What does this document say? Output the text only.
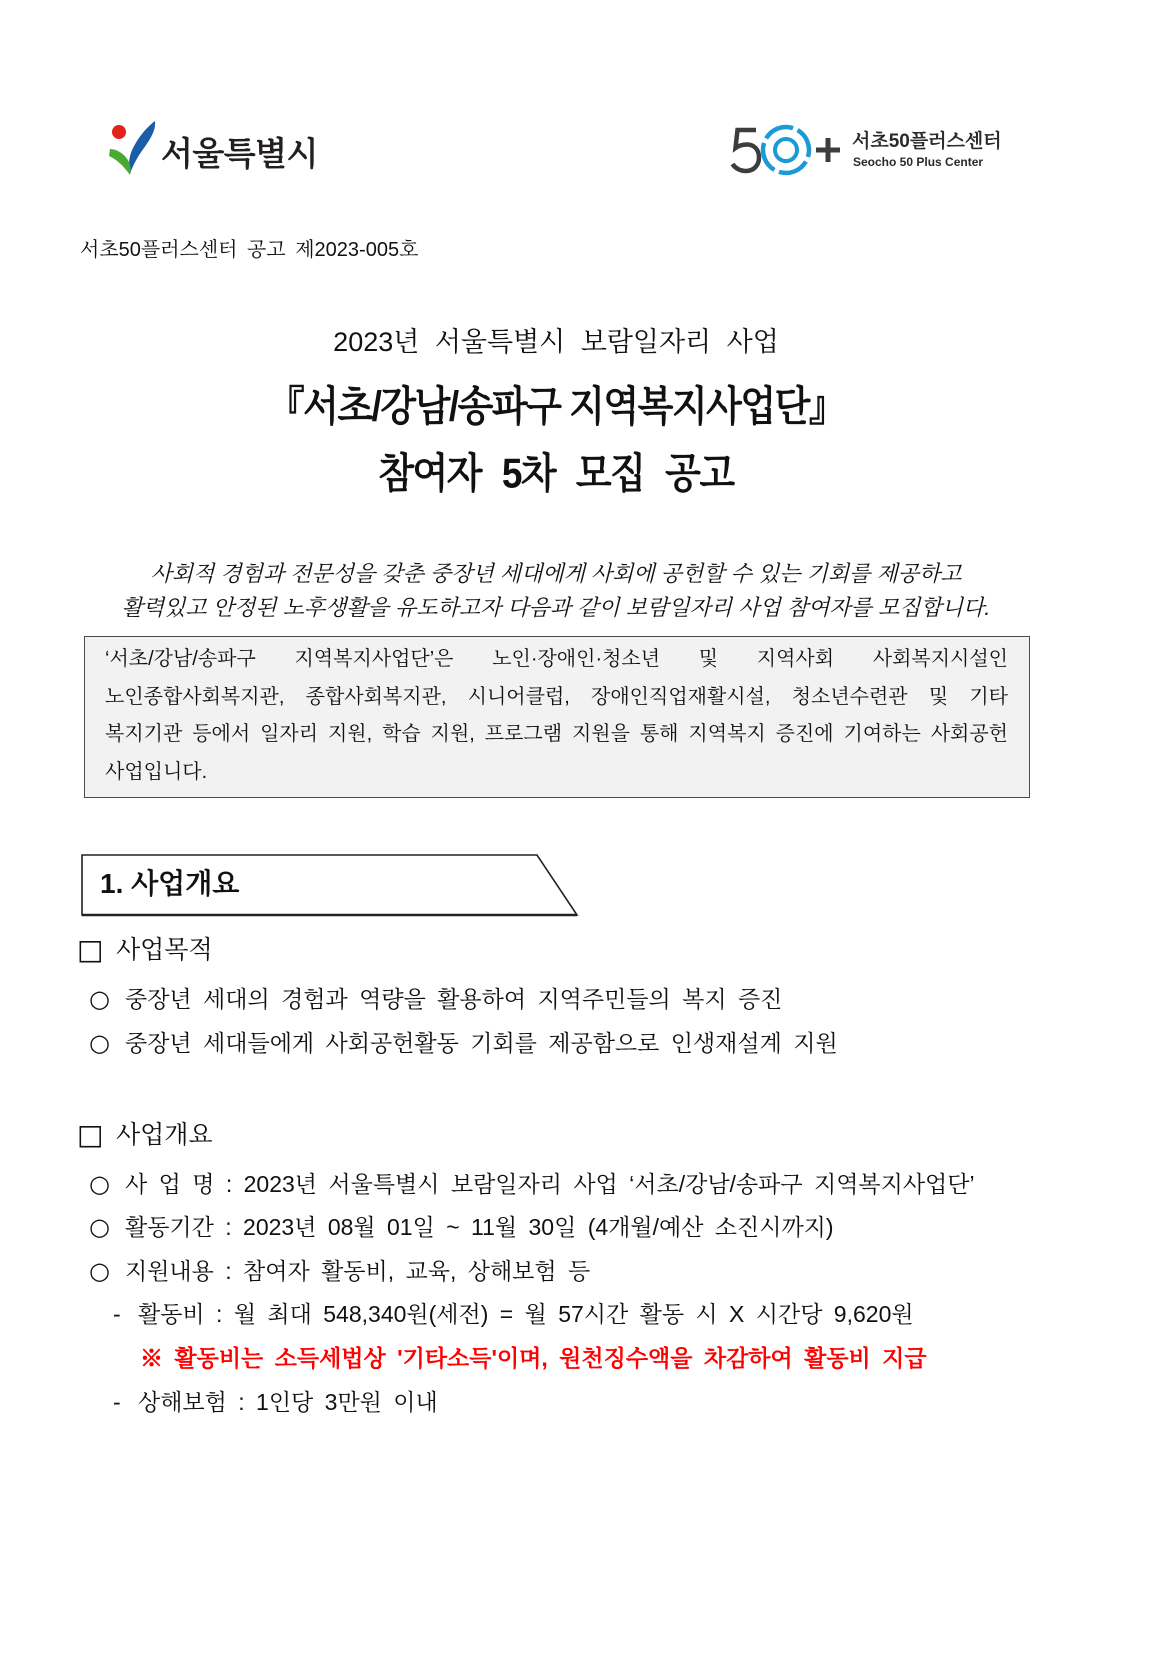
서울특별시	서초50플러스센터
Seocho 50 Plus Center
서초50플러스센터 공고 제2023-005호
2023년 서울특별시 보람일자리 사업
『서초/강남/송파구 지역복지사업단』
참여자 5차 모집 공고
사회적 경험과 전문성을 갖춘 중장년 세대에게 사회에 공헌할 수 있는 기회를 제공하고
활력있고 안정된 노후생활을 유도하고자 다음과 같이 보람일자리 사업 참여자를 모집합니다.
‘서초/강남/송파구 지역복지사업단’은 노인·장애인·청소년 및 지역사회 사회복지시설인
노인종합사회복지관, 종합사회복지관, 시니어클럽, 장애인직업재활시설, 청소년수련관 및 기타
복지기관 등에서 일자리 지원, 학습 지원, 프로그램 지원을 통해 지역복지 증진에 기여하는 사회공헌
사업입니다.
1. 사업개요
□ 사업목적
○ 중장년 세대의 경험과 역량을 활용하여 지역주민들의 복지 증진
○ 중장년 세대들에게 사회공헌활동 기회를 제공함으로 인생재설계 지원
□ 사업개요
○ 사 업 명 : 2023년 서울특별시 보람일자리 사업 ‘서초/강남/송파구 지역복지사업단’
○ 활동기간 : 2023년 08월 01일 ~ 11월 30일 (4개월/예산 소진시까지)
○ 지원내용 : 참여자 활동비, 교육, 상해보험 등
- 활동비 : 월 최대 548,340원(세전) = 월 57시간 활동 시 X 시간당 9,620원
※ 활동비는 소득세법상 '기타소득'이며, 원천징수액을 차감하여 활동비 지급
- 상해보험 : 1인당 3만원 이내
